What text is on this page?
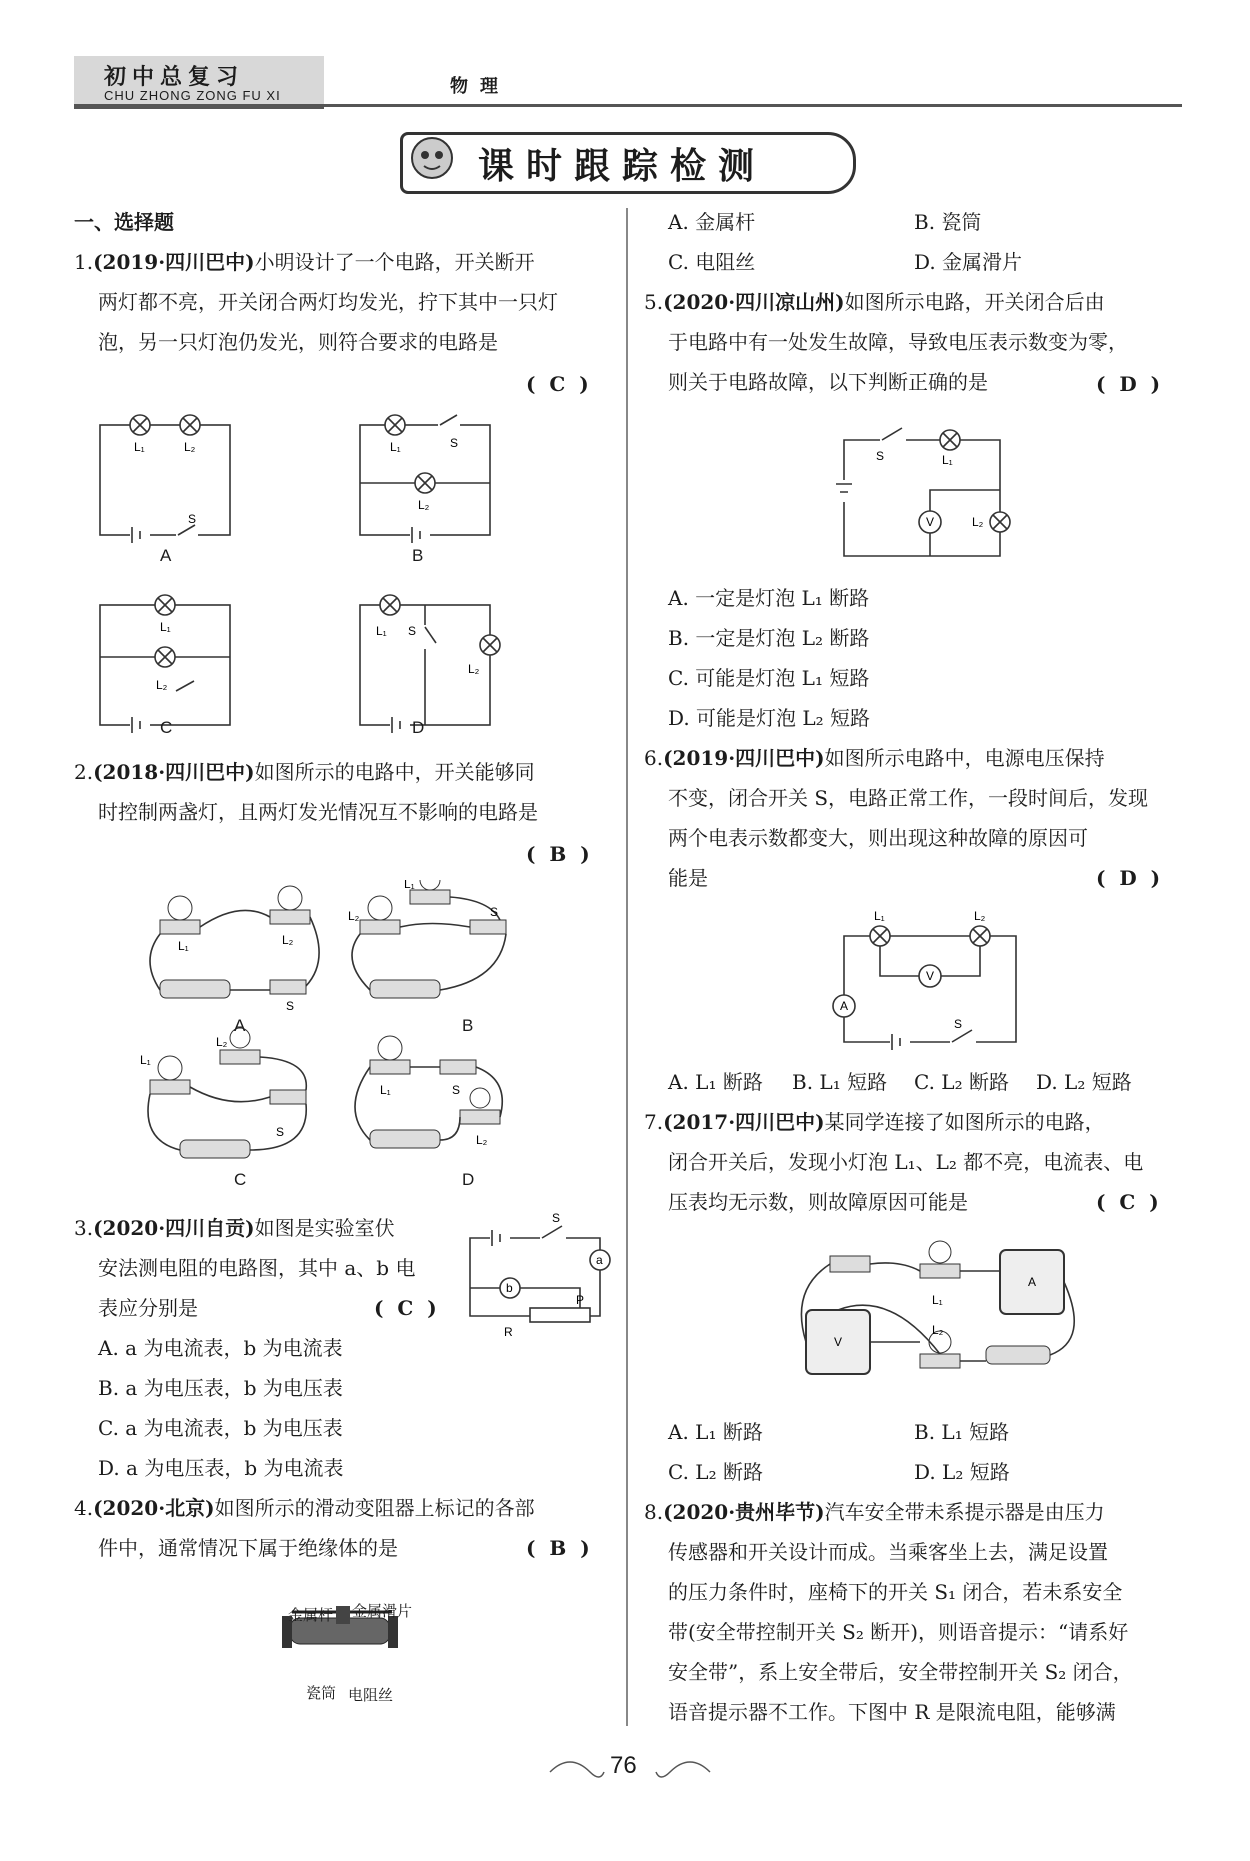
初中总复习
CHU ZHONG ZONG FU XI	物理
课时跟踪检测
一、选择题
1.(2019·四川巴中)小明设计了一个电路，开关断开
两灯都不亮，开关闭合两灯均发光，拧下其中一只灯
泡，另一只灯泡仍发光，则符合要求的电路是
(  C  )
L₁	L₂
S
L₁	S
L₂
L₁
L₂
L₁ S
L₂
A	B
C	D
2.(2018·四川巴中)如图所示的电路中，开关能够同
时控制两盏灯，且两灯发光情况互不影响的电路是
(  B  )
L₁	L₂
S
L₂
L₁
S
L₁
L₂
S
L₁	S
L₂
A	B
C	D
3.(2020·四川自贡)如图是实验室伏
安法测电阻的电路图，其中 a、b 电
表应分别是	(  C  )
S
a
b
P
R
A. a 为电流表，b 为电流表
B. a 为电压表，b 为电压表
C. a 为电流表，b 为电压表
D. a 为电压表，b 为电流表
4.(2020·北京)如图所示的滑动变阻器上标记的各部
件中，通常情况下属于绝缘体的是	(  B  )
金属杆 金属滑片
瓷筒 电阻丝
A. 金属杆	B. 瓷筒
C. 电阻丝	D. 金属滑片
5.(2020·四川凉山州)如图所示电路，开关闭合后由
于电路中有一处发生故障，导致电压表示数变为零，
则关于电路故障，以下判断正确的是	(  D  )
V
S	L₁
L₂
A. 一定是灯泡 L₁ 断路
B. 一定是灯泡 L₂ 断路
C. 可能是灯泡 L₁ 短路
D. 可能是灯泡 L₂ 短路
6.(2019·四川巴中)如图所示电路中，电源电压保持
不变，闭合开关 S，电路正常工作，一段时间后，发现
两个电表示数都变大，则出现这种故障的原因可
能是	(  D  )
L₁	L₂
V
A
S
A. L₁ 断路 B. L₁ 短路 C. L₂ 断路 D. L₂ 短路
7.(2017·四川巴中)某同学连接了如图所示的电路，
闭合开关后，发现小灯泡 L₁、L₂ 都不亮，电流表、电
压表均无示数，则故障原因可能是	(  C  )
A
V
L₁
L₂
A. L₁ 断路	B. L₁ 短路
C. L₂ 断路	D. L₂ 短路
8.(2020·贵州毕节)汽车安全带未系提示器是由压力
传感器和开关设计而成。当乘客坐上去，满足设置
的压力条件时，座椅下的开关 S₁ 闭合，若未系安全
带(安全带控制开关 S₂ 断开)，则语音提示：“请系好
安全带”，系上安全带后，安全带控制开关 S₂ 闭合，
语音提示器不工作。下图中 R 是限流电阻，能够满
76
